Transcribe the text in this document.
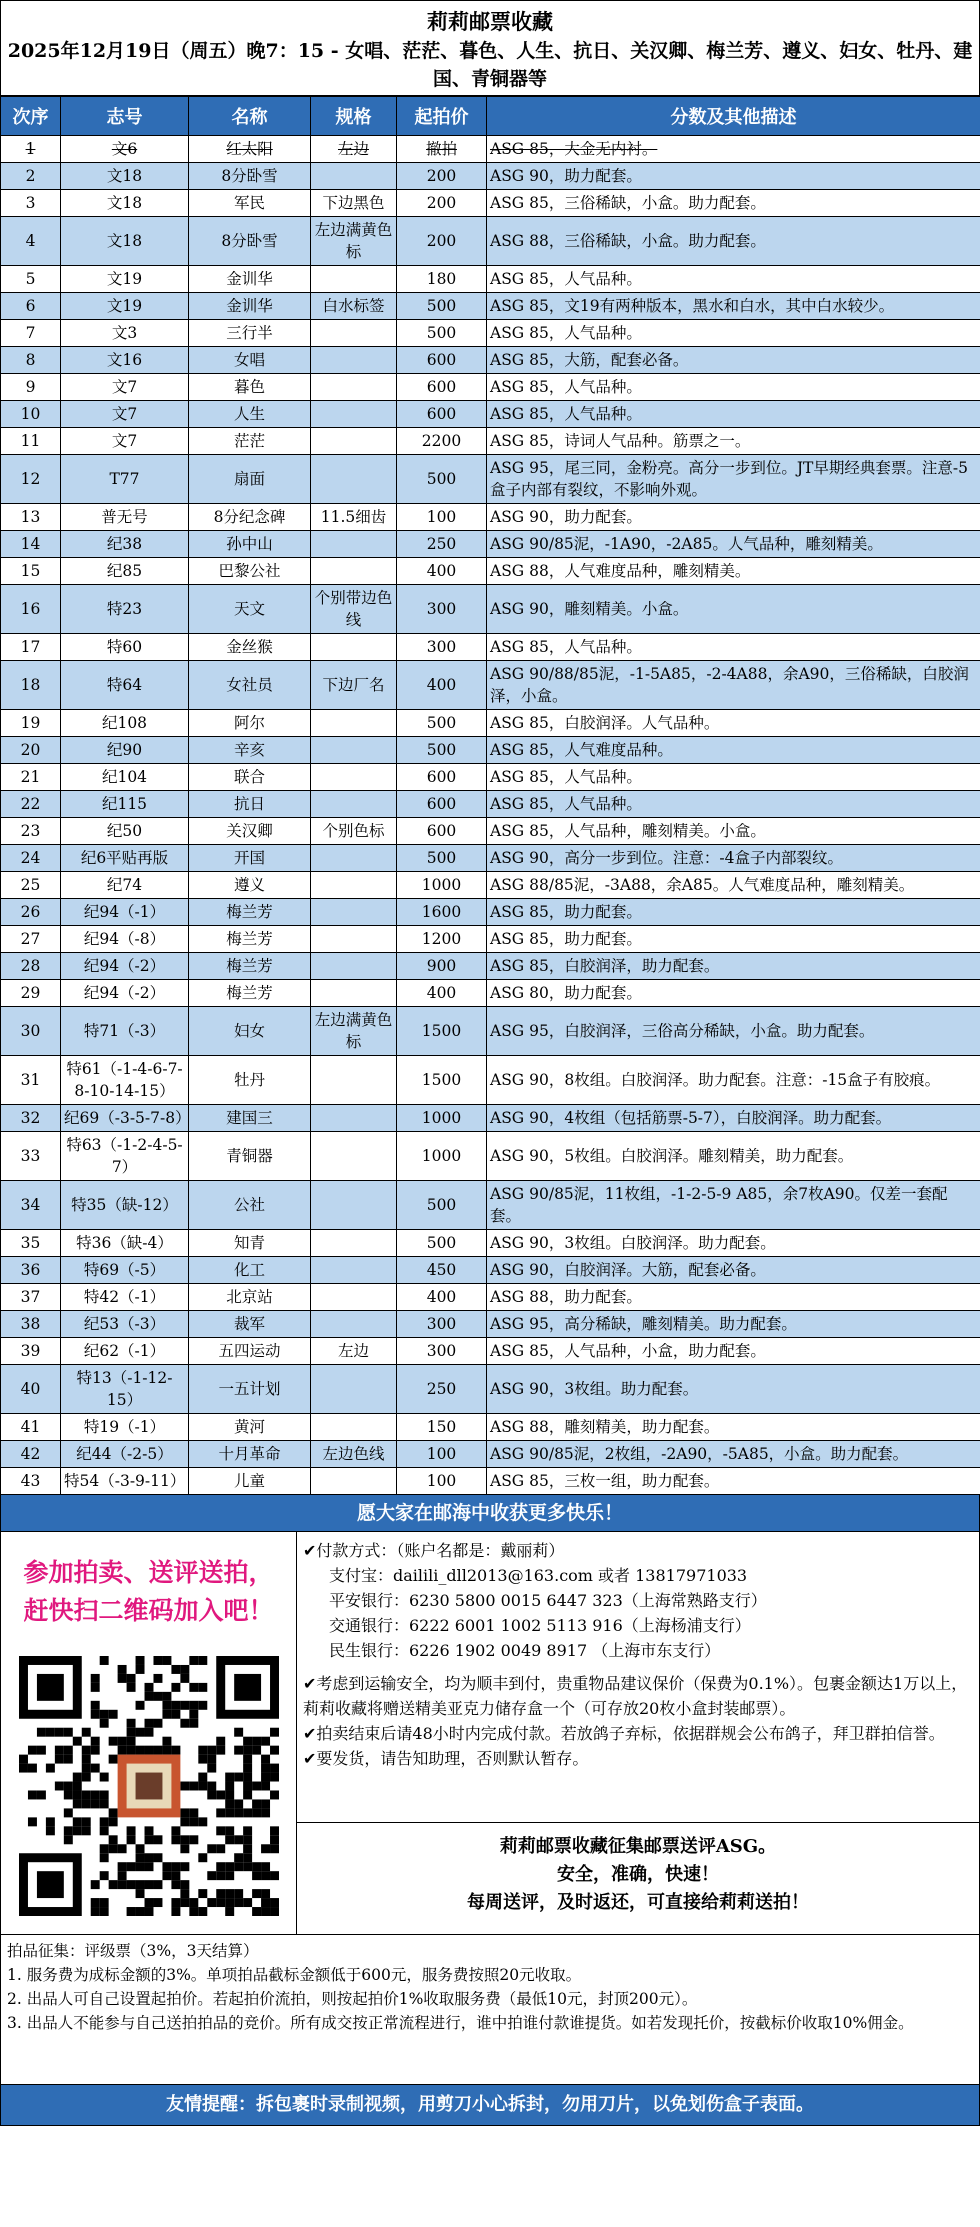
莉莉邮票收藏
2025年12月19日（周五）晚7：15 - 女唱、茫茫、暮色、人生、抗日、关汉卿、梅兰芳、遵义、妇女、牡丹、建国、青铜器等
次序	志号	名称	规格	起拍价	分数及其他描述
1	文6	红太阳	左边	撤拍	ASG 85，大金无内衬。
2	文18	8分卧雪		200	ASG 90，助力配套。
3	文18	军民	下边黑色	200	ASG 85，三俗稀缺，小盒。助力配套。
4	文18	8分卧雪	左边满黄色标	200	ASG 88，三俗稀缺，小盒。助力配套。
5	文19	金训华		180	ASG 85，人气品种。
6	文19	金训华	白水标签	500	ASG 85，文19有两种版本，黑水和白水，其中白水较少。
7	文3	三行半		500	ASG 85，人气品种。
8	文16	女唱		600	ASG 85，大筋，配套必备。
9	文7	暮色		600	ASG 85，人气品种。
10	文7	人生		600	ASG 85，人气品种。
11	文7	茫茫		2200	ASG 85，诗词人气品种。筋票之一。
12	T77	扇面		500	ASG 95，尾三同，金粉亮。高分一步到位。JT早期经典套票。注意-5盒子内部有裂纹，不影响外观。
13	普无号	8分纪念碑	11.5细齿	100	ASG 90，助力配套。
14	纪38	孙中山		250	ASG 90/85泥，-1A90，-2A85。人气品种，雕刻精美。
15	纪85	巴黎公社		400	ASG 88，人气难度品种，雕刻精美。
16	特23	天文	个别带边色线	300	ASG 90，雕刻精美。小盒。
17	特60	金丝猴		300	ASG 85，人气品种。
18	特64	女社员	下边厂名	400	ASG 90/88/85泥，-1-5A85，-2-4A88，余A90，三俗稀缺，白胶润泽，小盒。
19	纪108	阿尔		500	ASG 85，白胶润泽。人气品种。
20	纪90	辛亥		500	ASG 85，人气难度品种。
21	纪104	联合		600	ASG 85，人气品种。
22	纪115	抗日		600	ASG 85，人气品种。
23	纪50	关汉卿	个别色标	600	ASG 85，人气品种，雕刻精美。小盒。
24	纪6平贴再版	开国		500	ASG 90，高分一步到位。注意：-4盒子内部裂纹。
25	纪74	遵义		1000	ASG 88/85泥，-3A88，余A85。人气难度品种，雕刻精美。
26	纪94（-1）	梅兰芳		1600	ASG 85，助力配套。
27	纪94（-8）	梅兰芳		1200	ASG 85，助力配套。
28	纪94（-2）	梅兰芳		900	ASG 85，白胶润泽，助力配套。
29	纪94（-2）	梅兰芳		400	ASG 80，助力配套。
30	特71（-3）	妇女	左边满黄色标	1500	ASG 95，白胶润泽，三俗高分稀缺，小盒。助力配套。
31	特61（-1-4-6-7-8-10-14-15）	牡丹		1500	ASG 90，8枚组。白胶润泽。助力配套。注意：-15盒子有胶痕。
32	纪69（-3-5-7-8）	建国三		1000	ASG 90，4枚组（包括筋票-5-7），白胶润泽。助力配套。
33	特63（-1-2-4-5-7）	青铜器		1000	ASG 90，5枚组。白胶润泽。雕刻精美，助力配套。
34	特35（缺-12）	公社		500	ASG 90/85泥，11枚组，-1-2-5-9 A85，余7枚A90。仅差一套配套。
35	特36（缺-4）	知青		500	ASG 90，3枚组。白胶润泽。助力配套。
36	特69（-5）	化工		450	ASG 90，白胶润泽。大筋，配套必备。
37	特42（-1）	北京站		400	ASG 88，助力配套。
38	纪53（-3）	裁军		300	ASG 95，高分稀缺，雕刻精美。助力配套。
39	纪62（-1）	五四运动	左边	300	ASG 85，人气品种，小盒，助力配套。
40	特13（-1-12-15）	一五计划		250	ASG 90，3枚组。助力配套。
41	特19（-1）	黄河		150	ASG 88，雕刻精美，助力配套。
42	纪44（-2-5）	十月革命	左边色线	100	ASG 90/85泥，2枚组，-2A90，-5A85，小盒。助力配套。
43	特54（-3-9-11）	儿童		100	ASG 85，三枚一组，助力配套。
愿大家在邮海中收获更多快乐！
参加拍卖、送评送拍，
赶快扫二维码加入吧！
✔付款方式：（账户名都是：戴丽莉）
支付宝：dailili_dll2013@163.com 或者 13817971033
平安银行：6230 5800 0015 6447 323（上海常熟路支行）
交通银行：6222 6001 1002 5113 916（上海杨浦支行）
民生银行：6226 1902 0049 8917 （上海市东支行）
✔考虑到运输安全，均为顺丰到付，贵重物品建议保价（保费为0.1%）。包裹金额达1万以上，莉莉收藏将赠送精美亚克力储存盒一个（可存放20枚小盒封装邮票）。
✔拍卖结束后请48小时内完成付款。若放鸽子弃标，依据群规会公布鸽子，拜卫群拍信誉。
✔要发货，请告知助理，否则默认暂存。
莉莉邮票收藏征集邮票送评ASG。
安全，准确，快速！
每周送评，及时返还，可直接给莉莉送拍！
拍品征集：评级票（3%，3天结算）
1. 服务费为成标金额的3%。单项拍品截标金额低于600元，服务费按照20元收取。
2. 出品人可自己设置起拍价。若起拍价流拍，则按起拍价1%收取服务费（最低10元，封顶200元）。
3. 出品人不能参与自己送拍拍品的竞价。所有成交按正常流程进行，谁中拍谁付款谁提货。如若发现托价，按截标价收取10%佣金。
友情提醒：拆包裹时录制视频，用剪刀小心拆封，勿用刀片，以免划伤盒子表面。
